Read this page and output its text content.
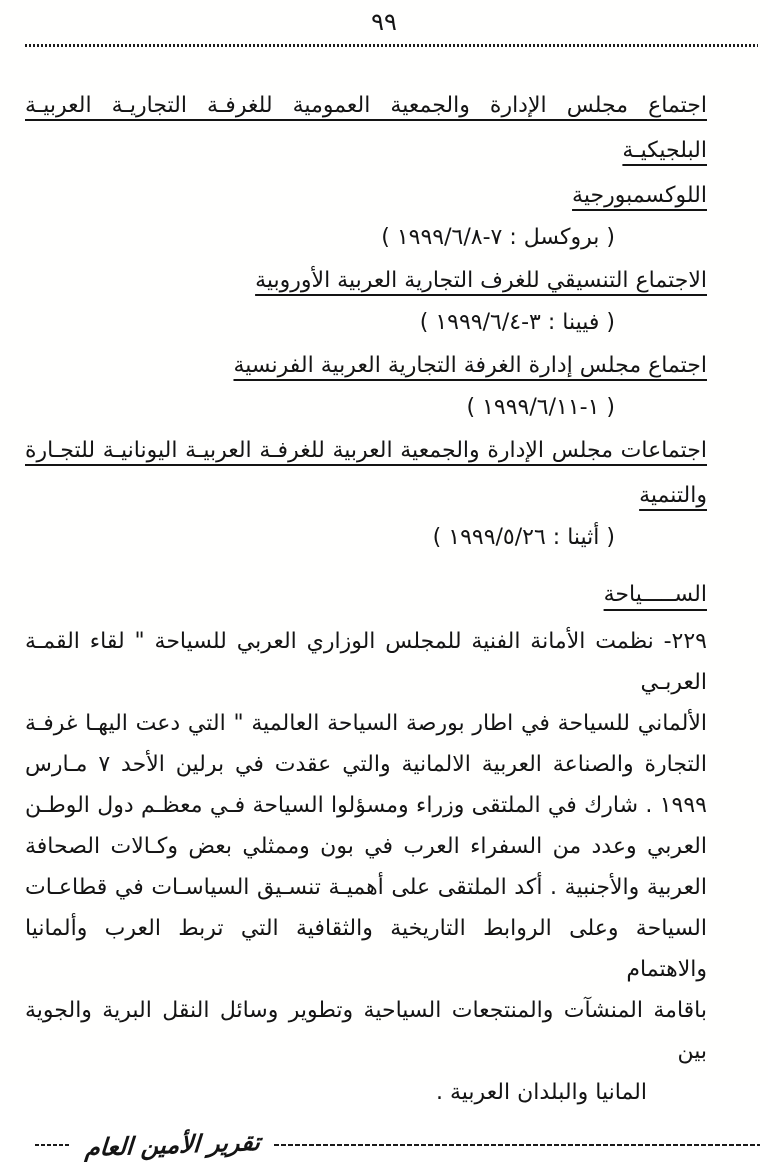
٩٩
اجتماع مجلس الإدارة والجمعية العمومية للغرفـة التجاريـة العربيـة البلجيكيـة
اللوكسمبورجية
( بروكسل : ٧-١٩٩٩/٦/٨ )
الاجتماع التنسيقي للغرف التجارية العربية الأوروبية
( فيينا : ٣-١٩٩٩/٦/٤ )
اجتماع مجلس إدارة الغرفة التجارية العربية الفرنسية
( ١-١٩٩٩/٦/١١ )
اجتماعات مجلس الإدارة والجمعية العربية للغرفـة العربيـة اليونانيـة للتجـارة
والتنمية
( أثينا : ١٩٩٩/٥/٢٦ )
الســـــياحة
٢٢٩- نظمت الأمانة الفنية للمجلس الوزاري العربي للسياحة " لقاء القمـة العربـي
الألماني للسياحة في اطار بورصة السياحة العالمية " التي دعت اليهـا غرفـة
التجارة والصناعة العربية الالمانية والتي عقدت في برلين الأحد ٧ مـارس
١٩٩٩ . شارك في الملتقى وزراء ومسؤلوا السياحة فـي معظـم دول الوطـن
العربي وعدد من السفراء العرب في بون وممثلي بعض وكـالات الصحافة
العربية والأجنبية . أكد الملتقى على أهميـة تنسـيق السياسـات في قطاعـات
السياحة وعلى الروابط التاريخية والثقافية التي تربط العرب وألمانيا والاهتمام
باقامة المنشآت والمنتجعات السياحية وتطوير وسائل النقل البرية والجوية بين
المانيا والبلدان العربية .
تقرير الأمين العام
